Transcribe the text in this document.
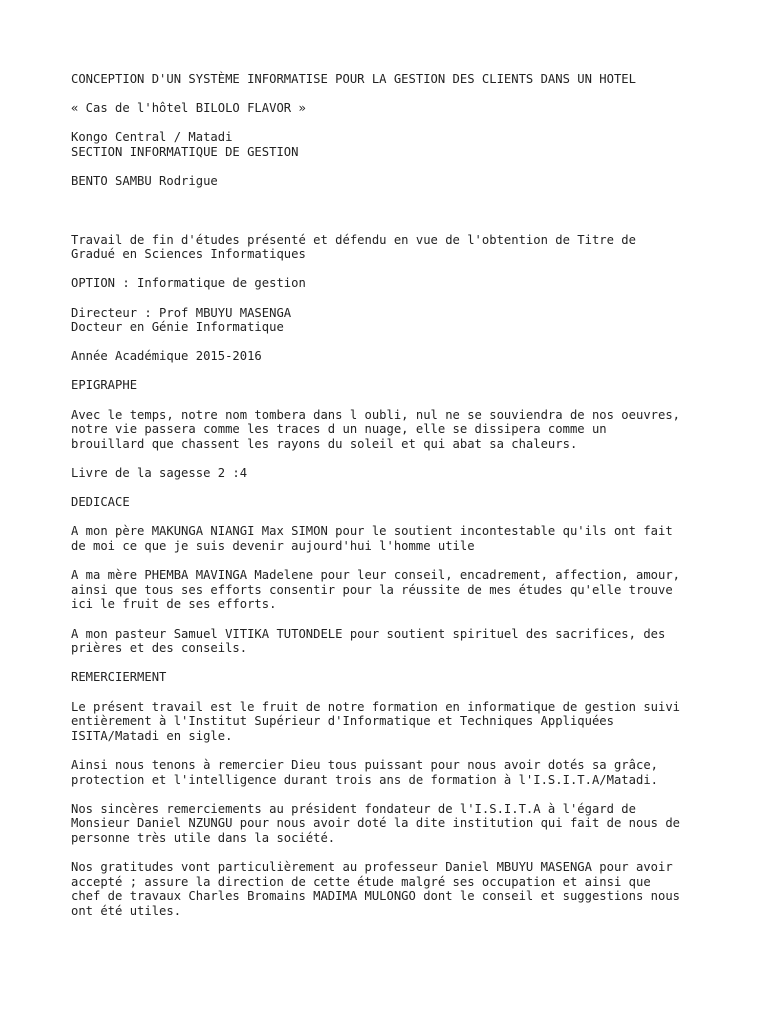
CONCEPTION D'UN SYSTÈME INFORMATISE POUR LA GESTION DES CLIENTS DANS UN HOTEL

« Cas de l'hôtel BILOLO FLAVOR »

Kongo Central / Matadi
SECTION INFORMATIQUE DE GESTION

BENTO SAMBU Rodrigue

Travail de fin d'études présenté et défendu en vue de l'obtention de Titre de
Gradué en Sciences Informatiques

OPTION : Informatique de gestion

Directeur : Prof MBUYU MASENGA
Docteur en Génie Informatique

Année Académique 2015-2016

EPIGRAPHE

Avec le temps, notre nom tombera dans l oubli, nul ne se souviendra de nos oeuvres,
notre vie passera comme les traces d un nuage, elle se dissipera comme un
brouillard que chassent les rayons du soleil et qui abat sa chaleurs.

Livre de la sagesse 2 :4

DEDICACE

A mon père MAKUNGA NIANGI Max SIMON pour le soutient incontestable qu'ils ont fait
de moi ce que je suis devenir aujourd'hui l'homme utile

A ma mère PHEMBA MAVINGA Madelene pour leur conseil, encadrement, affection, amour,
ainsi que tous ses efforts consentir pour la réussite de mes études qu'elle trouve
ici le fruit de ses efforts.

A mon pasteur Samuel VITIKA TUTONDELE pour soutient spirituel des sacrifices, des
prières et des conseils.

REMERCIERMENT

Le présent travail est le fruit de notre formation en informatique de gestion suivi
entièrement à l'Institut Supérieur d'Informatique et Techniques Appliquées
ISITA/Matadi en sigle.

Ainsi nous tenons à remercier Dieu tous puissant pour nous avoir dotés sa grâce,
protection et l'intelligence durant trois ans de formation à l'I.S.I.T.A/Matadi.

Nos sincères remerciements au président fondateur de l'I.S.I.T.A à l'égard de
Monsieur Daniel NZUNGU pour nous avoir doté la dite institution qui fait de nous de
personne très utile dans la société.

Nos gratitudes vont particulièrement au professeur Daniel MBUYU MASENGA pour avoir
accepté ; assure la direction de cette étude malgré ses occupation et ainsi que
chef de travaux Charles Bromains MADIMA MULONGO dont le conseil et suggestions nous
ont été utiles.
